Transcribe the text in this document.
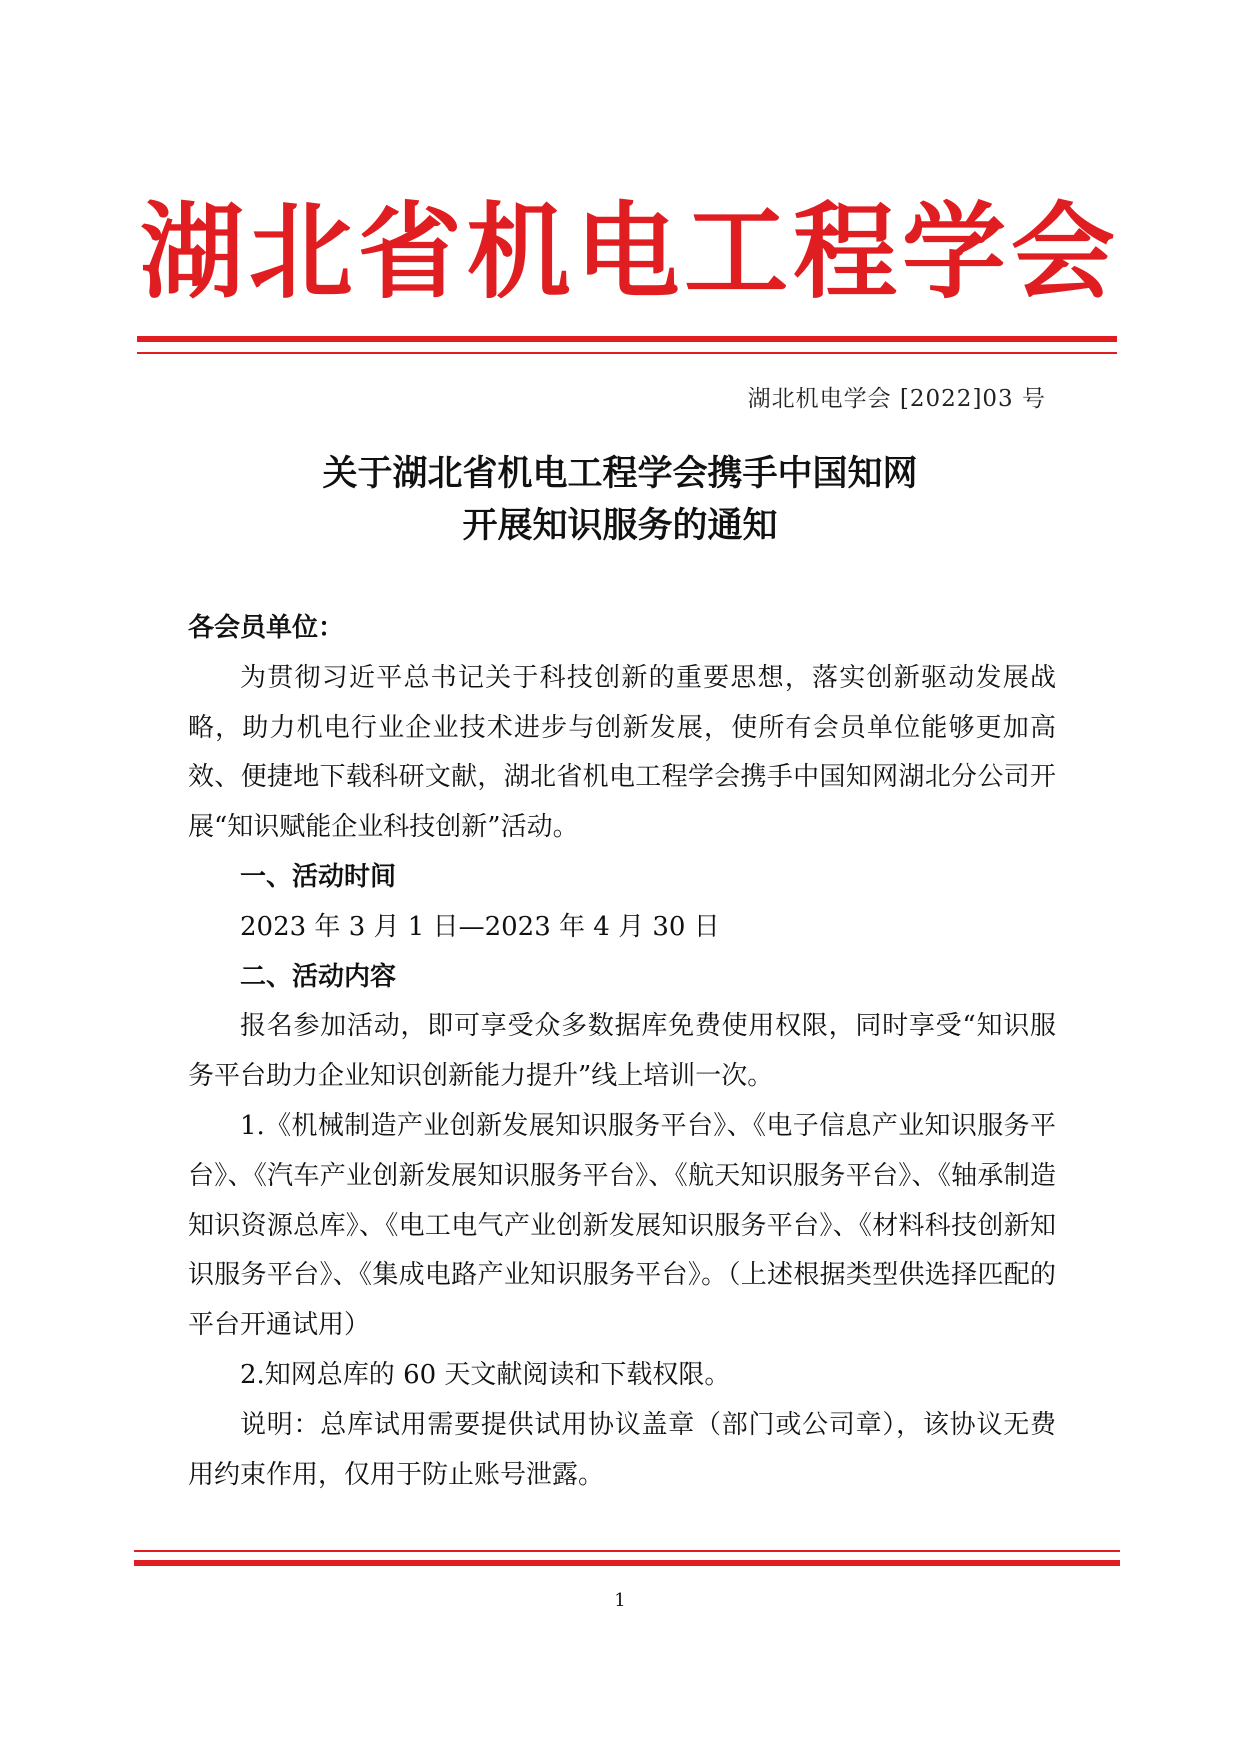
湖 北 省 机 电 工 程 学 会
湖北机电学会 [2022]03 号
关于湖北省机电工程学会携手中国知网
开展知识服务的通知

各会员单位：

为贯彻习近平总书记关于科技创新的重要思想，落实创新驱动发展战略，助力机电行业企业技术进步与创新发展，使所有会员单位能够更加高效、便捷地下载科研文献，湖北省机电工程学会携手中国知网湖北分公司开展“知识赋能企业科技创新”活动。

一、活动时间

2023 年 3 月 1 日—2023 年 4 月 30 日

二、活动内容

报名参加活动，即可享受众多数据库免费使用权限，同时享受“知识服务平台助力企业知识创新能力提升”线上培训一次。

1.《机械制造产业创新发展知识服务平台》、《电子信息产业知识服务平台》、《汽车产业创新发展知识服务平台》、《航天知识服务平台》、《轴承制造知识资源总库》、《电工电气产业创新发展知识服务平台》、《材料科技创新知识服务平台》、《集成电路产业知识服务平台》。（上述根据类型供选择匹配的平台开通试用）

2.知网总库的 60 天文献阅读和下载权限。

说明：总库试用需要提供试用协议盖章（部门或公司章），该协议无费用约束作用，仅用于防止账号泄露。

1
